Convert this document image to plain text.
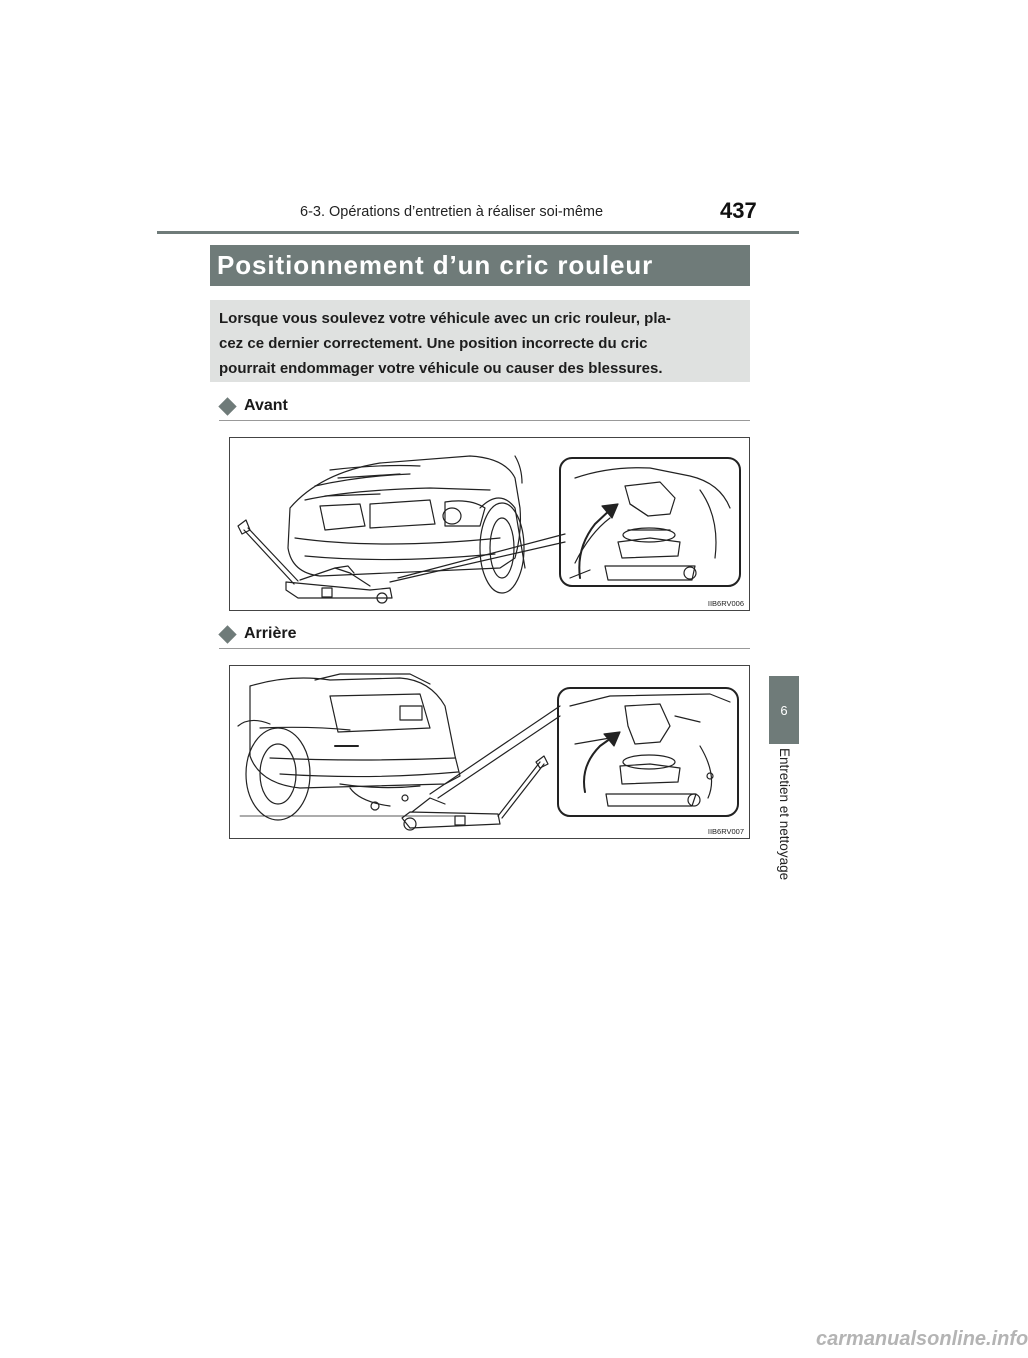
6-3. Opérations d’entretien à réaliser soi-même	437
6
Entretien et nettoyage
Positionnement d’un cric rouleur
Lorsque vous soulevez votre véhicule avec un cric rouleur, pla-
cez ce dernier correctement. Une position incorrecte du cric
pourrait endommager votre véhicule ou causer des blessures.
Avant
IIB6RV006
Arrière
IIB6RV007
carmanualsonline.info
